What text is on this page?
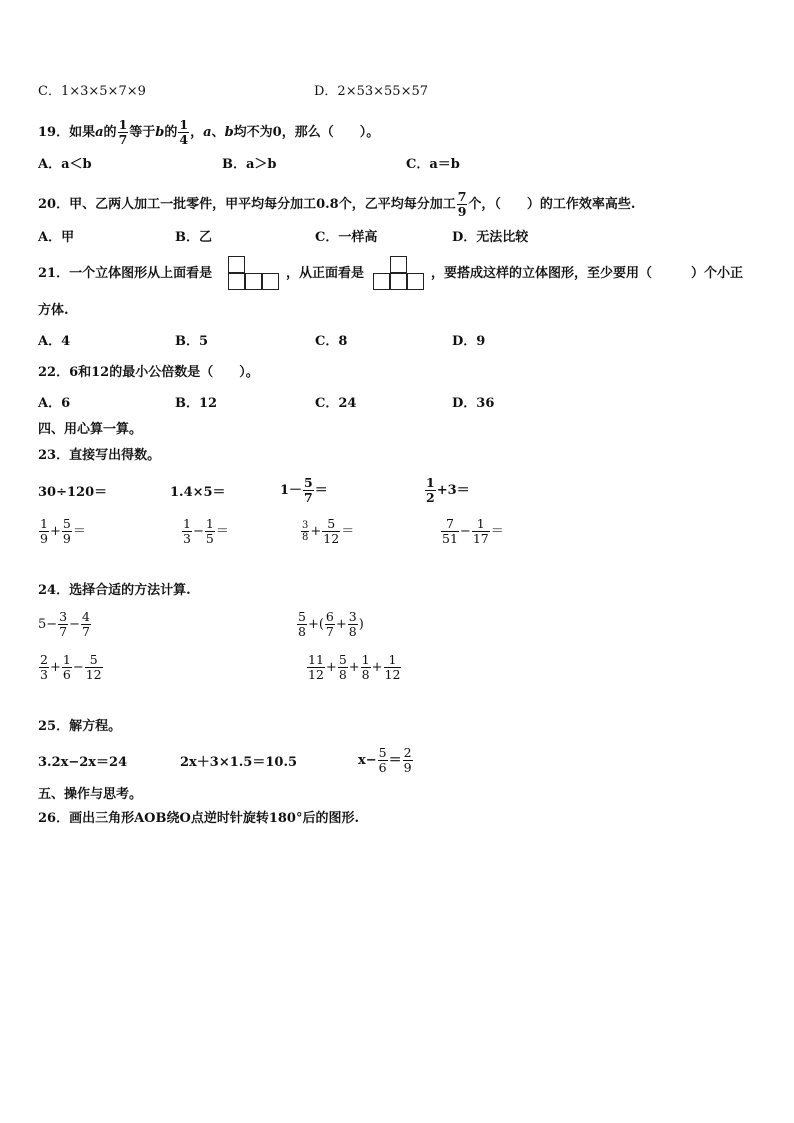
C．1×3×5×7×9	D．2×53×55×57
19．如果a的 $\frac{1}{7}$ 等于b的 $\frac{1}{4}$ ，a、b均不为0，那么（　　）。
A．a＜b	B．a＞b	C．a＝b
20．甲、乙两人加工一批零件，甲平均每分加工0.8个，乙平均每分加工 $\frac{7}{9}$ 个，（　　）的工作效率高些.
A．甲	B．乙	C．一样高	D．无法比较
21．一个立体图形从上面看是	，从正面看是	，要搭成这样的立体图形，至少要用（　　　）个小正
方体.
A．4	B．5	C．8	D．9
22．6和12的最小公倍数是（　　）。
A．6	B．12	C．24	D．36
四、用心算一算。
23．直接写出得数。
30÷120＝	1.4×5＝	$1- \frac{5}{7}$ ＝	$\frac{1}{2} +3=$
$\frac{1}{9} + \frac{5}{9}$ ＝	$\frac{1}{3} - \frac{1}{5}$ ＝	$\frac{3}{8} + \frac{5}{12}$ ＝	$\frac{7}{51} - \frac{1}{17}$ ＝
24．选择合适的方法计算.
$5- \frac{3}{7} - \frac{4}{7}$	$\frac{5}{8}$ +( $\frac{6}{7} + \frac{3}{8}$ )
$\frac{2}{3} + \frac{1}{6} - \frac{5}{12}$	$\frac{11}{12} + \frac{5}{8} + \frac{1}{8} + \frac{1}{12}$
25．解方程。
3.2x−2x＝24	2x＋3×1.5＝10.5	$x- \frac{5}{6} = \frac{2}{9}$
五、操作与思考。
26．画出三角形AOB绕O点逆时针旋转180°后的图形.
